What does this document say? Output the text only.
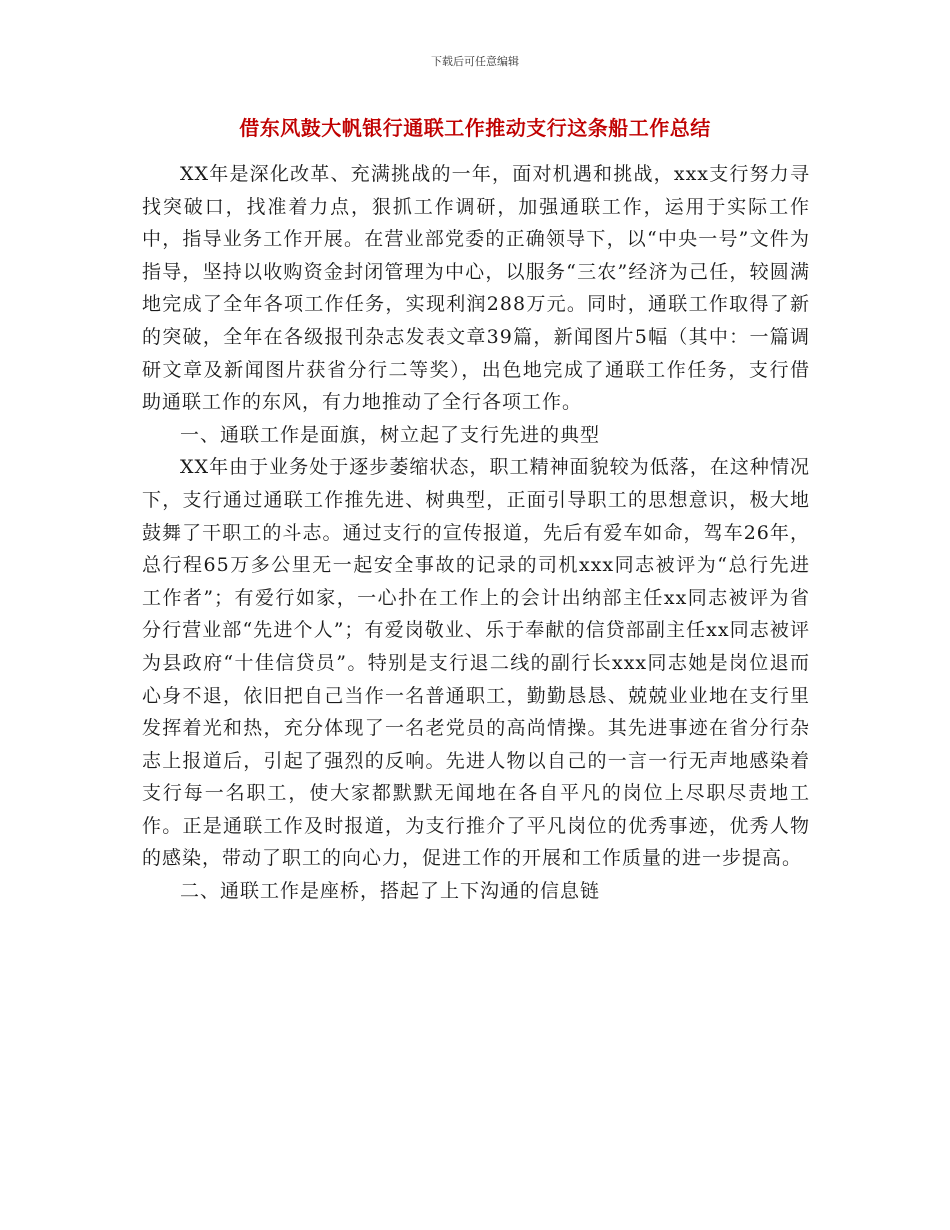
下载后可任意编辑
借东风鼓大帆银行通联工作推动支行这条船工作总结

XX年是深化改革、充满挑战的一年，面对机遇和挑战，xxx支行努力寻找突破口，找准着力点，狠抓工作调研，加强通联工作，运用于实际工作中，指导业务工作开展。在营业部党委的正确领导下，以“中央一号”文件为指导，坚持以收购资金封闭管理为中心，以服务“三农”经济为己任，较圆满地完成了全年各项工作任务，实现利润288万元。同时，通联工作取得了新的突破，全年在各级报刊杂志发表文章39篇，新闻图片5幅（其中：一篇调研文章及新闻图片获省分行二等奖），出色地完成了通联工作任务，支行借助通联工作的东风，有力地推动了全行各项工作。

一、通联工作是面旗，树立起了支行先进的典型

XX年由于业务处于逐步萎缩状态，职工精神面貌较为低落，在这种情况下，支行通过通联工作推先进、树典型，正面引导职工的思想意识，极大地鼓舞了干职工的斗志。通过支行的宣传报道，先后有爱车如命，驾车26年，总行程65万多公里无一起安全事故的记录的司机xxx同志被评为“总行先进工作者”；有爱行如家，一心扑在工作上的会计出纳部主任xx同志被评为省分行营业部“先进个人”；有爱岗敬业、乐于奉献的信贷部副主任xx同志被评为县政府“十佳信贷员”。特别是支行退二线的副行长xxx同志她是岗位退而心身不退，依旧把自己当作一名普通职工，勤勤恳恳、兢兢业业地在支行里发挥着光和热，充分体现了一名老党员的高尚情操。其先进事迹在省分行杂志上报道后，引起了强烈的反响。先进人物以自己的一言一行无声地感染着支行每一名职工，使大家都默默无闻地在各自平凡的岗位上尽职尽责地工作。正是通联工作及时报道，为支行推介了平凡岗位的优秀事迹，优秀人物的感染，带动了职工的向心力，促进工作的开展和工作质量的进一步提高。

二、通联工作是座桥，搭起了上下沟通的信息链
